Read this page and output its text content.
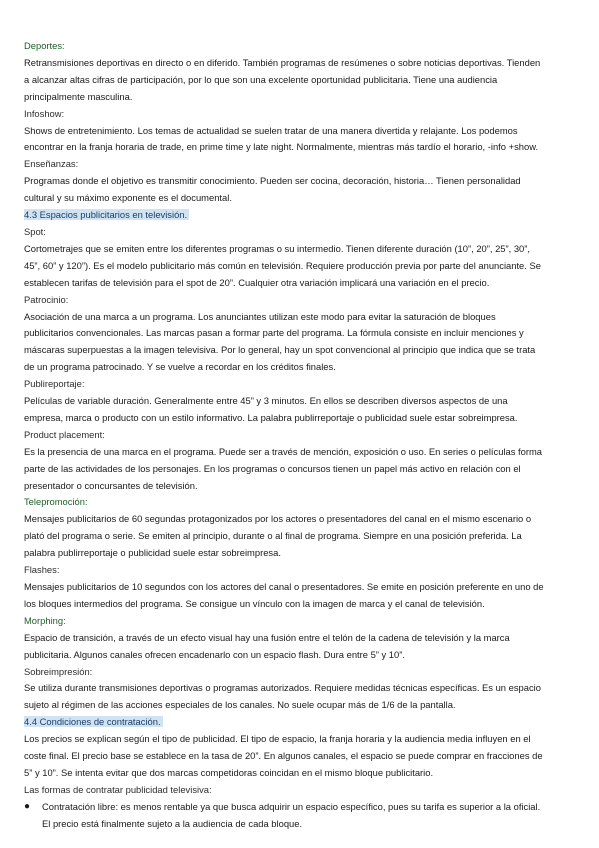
Deportes:
Retransmisiones deportivas en directo o en diferido. También programas de resúmenes o sobre noticias deportivas. Tienden
a alcanzar altas cifras de participación, por lo que son una excelente oportunidad publicitaria. Tiene una audiencia
principalmente masculina.
Infoshow:
Shows de entretenimiento. Los temas de actualidad se suelen tratar de una manera divertida y relajante. Los podemos
encontrar en la franja horaria de trade, en prime time y late night. Normalmente, mientras más tardío el horario, -info +show.
Enseñanzas:
Programas donde el objetivo es transmitir conocimiento. Pueden ser cocina, decoración, historia… Tienen personalidad
cultural y su máximo exponente es el documental.
4.3 Espacios publicitarios en televisión.
Spot:
Cortometrajes que se emiten entre los diferentes programas o su intermedio. Tienen diferente duración (10”, 20”, 25”, 30”,
45”, 60” y 120”). Es el modelo publicitario más común en televisión. Requiere producción previa por parte del anunciante. Se
establecen tarifas de televisión para el spot de 20”. Cualquier otra variación implicará una variación en el precio.
Patrocinio:
Asociación de una marca a un programa. Los anunciantes utilizan este modo para evitar la saturación de bloques
publicitarios convencionales. Las marcas pasan a formar parte del programa. La fórmula consiste en incluir menciones y
máscaras superpuestas a la imagen televisiva. Por lo general, hay un spot convencional al principio que indica que se trata
de un programa patrocinado. Y se vuelve a recordar en los créditos finales.
Publireportaje:
Películas de variable duración. Generalmente entre 45” y 3 minutos. En ellos se describen diversos aspectos de una
empresa, marca o producto con un estilo informativo. La palabra publirreportaje o publicidad suele estar sobreimpresa.
Product placement:
Es la presencia de una marca en el programa. Puede ser a través de mención, exposición o uso. En series o películas forma
parte de las actividades de los personajes. En los programas o concursos tienen un papel más activo en relación con el
presentador o concursantes de televisión.
Telepromoción:
Mensajes publicitarios de 60 segundas protagonizados por los actores o presentadores del canal en el mismo escenario o
plató del programa o serie. Se emiten al principio, durante o al final de programa. Siempre en una posición preferida. La
palabra publirreportaje o publicidad suele estar sobreimpresa.
Flashes:
Mensajes publicitarios de 10 segundos con los actores del canal o presentadores. Se emite en posición preferente en uno de
los bloques intermedios del programa. Se consigue un vínculo con la imagen de marca y el canal de televisión.
Morphing:
Espacio de transición, a través de un efecto visual hay una fusión entre el telón de la cadena de televisión y la marca
publicitaria. Algunos canales ofrecen encadenarlo con un espacio flash. Dura entre 5” y 10”.
Sobreimpresión:
Se utiliza durante transmisiones deportivas o programas autorizados. Requiere medidas técnicas específicas. Es un espacio
sujeto al régimen de las acciones especiales de los canales. No suele ocupar más de 1/6 de la pantalla.
4.4 Condiciones de contratación.
Los precios se explican según el tipo de publicidad. El tipo de espacio, la franja horaria y la audiencia media influyen en el
coste final. El precio base se establece en la tasa de 20”. En algunos canales, el espacio se puede comprar en fracciones de
5” y 10”. Se intenta evitar que dos marcas competidoras coincidan en el mismo bloque publicitario.
Las formas de contratar publicidad televisiva:
● Contratación libre: es menos rentable ya que busca adquirir un espacio específico, pues su tarifa es superior a la oficial.
El precio está finalmente sujeto a la audiencia de cada bloque.
